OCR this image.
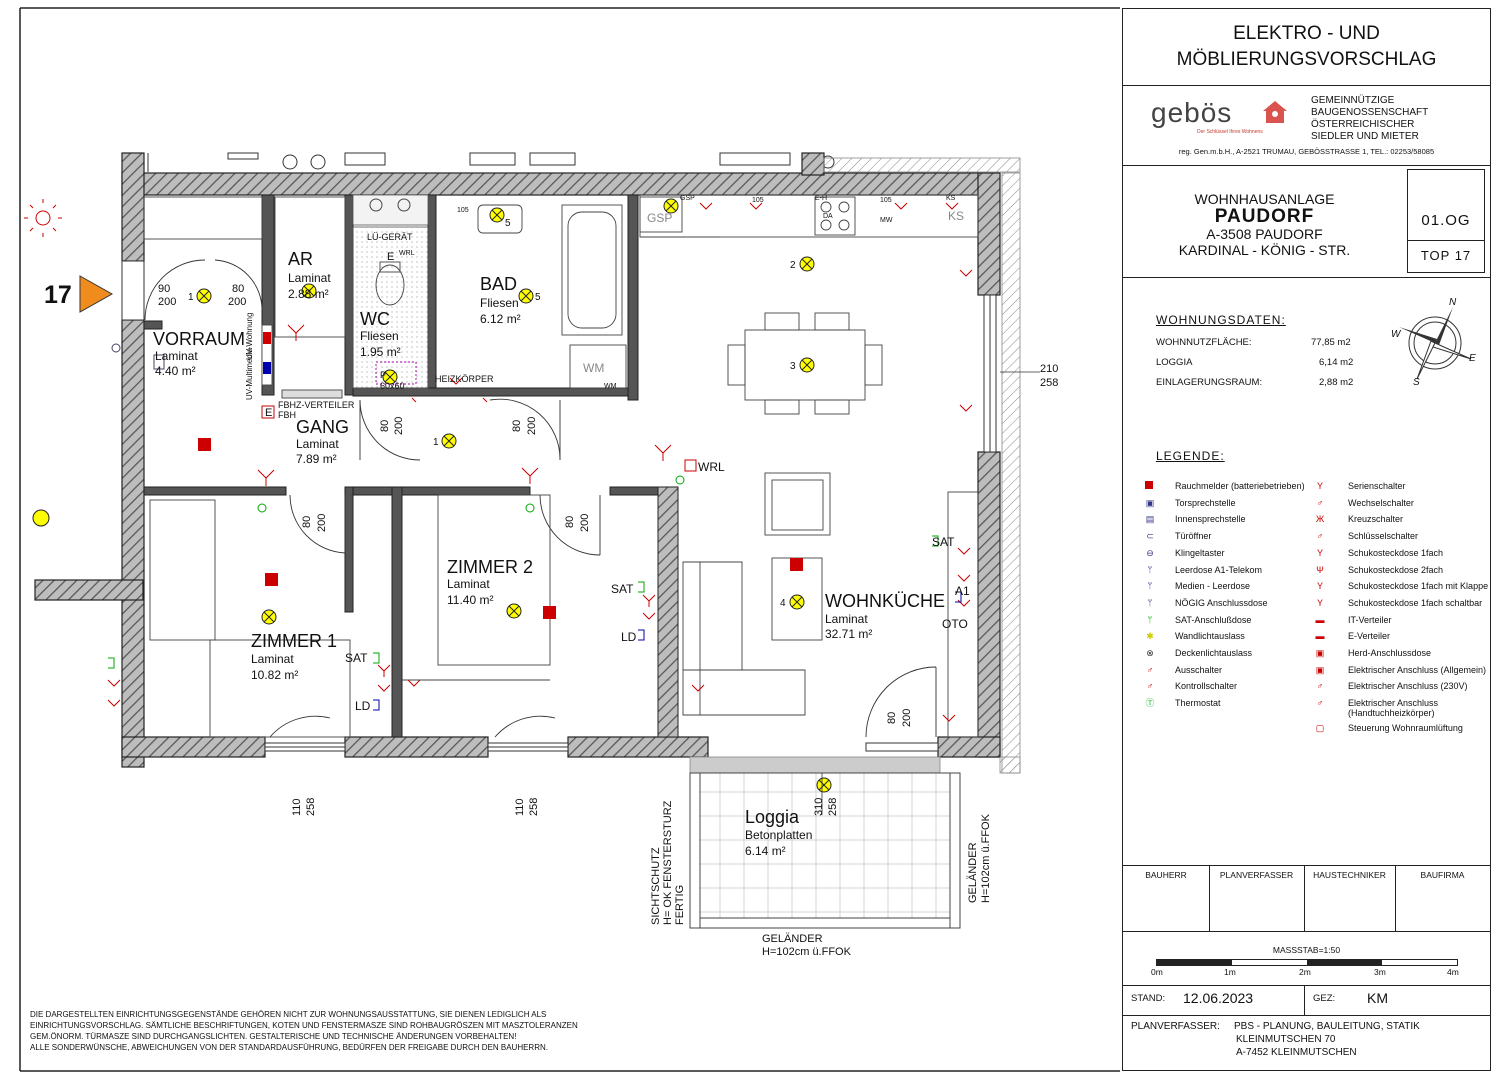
17
AR
Laminat
2.88 m²
VORRAUM
Laminat
4.40 m²
WC
Fliesen
1.95 m²
BAD
Fliesen
6.12 m²
GANG
Laminat
7.89 m²
ZIMMER 1
Laminat
10.82 m²
ZIMMER 2
Laminat
11.40 m²	WOHNKÜCHE
Laminat
32.71 m²
Loggia
Betonplatten
6.14 m²
LÜ-GERÄT
HEIZKÖRPER
FBHZ-VERTEILER
FBH
E
E WRL
P
60x60
UV-Wohnung
UV-Multimedia
WRL
SAT
SAT
SAT
LD
LD
A1
OTO
GSP
GSP
KS
KS
E-H
DA
MW
WM
WM
105
105	105
90
200
80
200
210
258
80 200	80 200
80 200	80 200
80 200
110 258	110 258	310 258
SICHTSCHUTZ H= OK FENSTERSTURZ FERTIG
GELÄNDER H=102cm ü.FFOK
GELÄNDER
H=102cm ü.FFOK
1
1
2
3
4
5
5
DIE DARGESTELLTEN EINRICHTUNGSGEGENSTÄNDE GEHÖREN NICHT ZUR WOHNUNGSAUSSTATTUNG, SIE DIENEN LEDIGLICH ALS
EINRICHTUNGSVORSCHLAG. SÄMTLICHE BESCHRIFTUNGEN, KOTEN UND FENSTERMASZE SIND ROHBAUGRÖSZEN MIT MASZTOLERANZEN
GEM.ÖNORM. TÜRMASZE SIND DURCHGANGSLICHTEN. GESTALTERISCHE UND TECHNISCHE ÄNDERUNGEN VORBEHALTEN!
ALLE SONDERWÜNSCHE, ABWEICHUNGEN VON DER STANDARDAUSFÜHRUNG, BEDÜRFEN DER FREIGABE DURCH DEN BAUHERRN.
ELEKTRO - UND
MÖBLIERUNGSVORSCHLAG
gebös
Der Schlüssel Ihres Wohnens
GEMEINNÜTZIGE
BAUGENOSSENSCHAFT
ÖSTERREICHISCHER
SIEDLER UND MIETER
reg. Gen.m.b.H., A-2521 TRUMAU, GEBÖSSTRASSE 1, TEL.: 02253/58085
WOHNHAUSANLAGE
PAUDORF
A-3508 PAUDORF
KARDINAL - KÖNIG - STR.
01.OG
TOP 17
WOHNUNGSDATEN:
WOHNNUTZFLÄCHE:	77,85 m2
LOGGIA	6,14 m2
EINLAGERUNGSRAUM:	2,88 m2
N
S
W
E
LEGENDE:
BAUHERR	PLANVERFASSER	HAUSTECHNIKER	BAUFIRMA
MASSSTAB=1:50
0m	1m	2m	3m	4m
STAND: 12.06.2023	GEZ: KM
PLANVERFASSER: PBS - PLANUNG, BAULEITUNG, STATIK
KLEINMUTSCHEN 70
A-7452 KLEINMUTSCHEN
Rauchmelder (batteriebetrieben)
▣ Torsprechstelle
▤ Innensprechstelle
⊂ Türöffner
⊖ Klingeltaster
ᛘ Leerdose A1-Telekom
ᛘ Medien - Leerdose
ᛘ NÖGIG Anschlussdose
ᛘ SAT-Anschlußdose
✱ Wandlichtauslass
⊗ Deckenlichtauslass
♂ Ausschalter
♂ Kontrollschalter
Ⓣ Thermostat
Y	Serienschalter
♂	Wechselschalter
Ж	Kreuzschalter
♂	Schlüsselschalter
Y	Schukosteckdose 1fach
Ψ	Schukosteckdose 2fach
Y	Schukosteckdose 1fach mit Klappe
Y	Schukosteckdose 1fach schaltbar
▬	IT-Verteiler
▬	E-Verteiler
▣	Herd-Anschlussdose
▣	Elektrischer Anschluss (Allgemein)
♂	Elektrischer Anschluss (230V)
♂	Elektrischer Anschluss
(Handtuchheizkörper)
▢	Steuerung Wohnraumlüftung
